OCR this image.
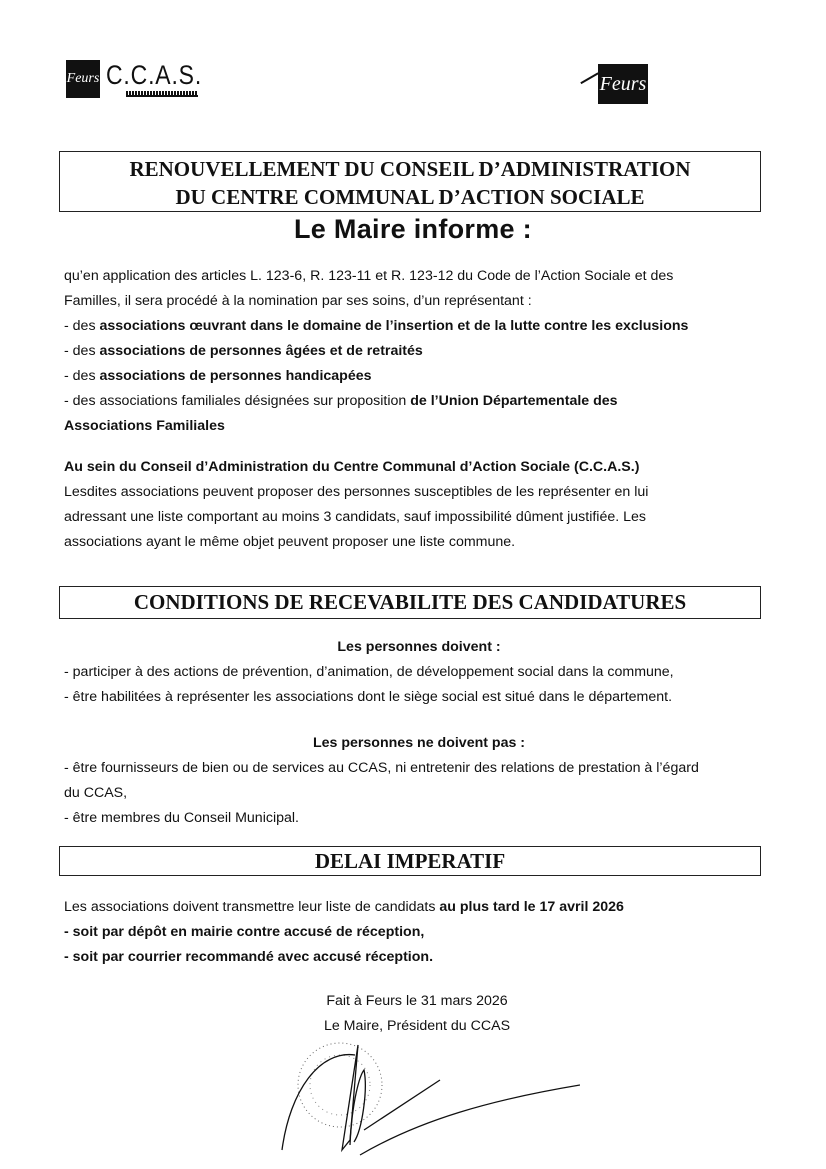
Feurs C.C.A.S.	Feurs
RENOUVELLEMENT DU CONSEIL D’ADMINISTRATION
DU CENTRE COMMUNAL D’ACTION SOCIALE
Le Maire informe :
qu’en application des articles L. 123-6, R. 123-11 et R. 123-12 du Code de l’Action Sociale et des
Familles, il sera procédé à la nomination par ses soins, d’un représentant :
- des associations œuvrant dans le domaine de l’insertion et de la lutte contre les exclusions
- des associations de personnes âgées et de retraités
- des associations de personnes handicapées
- des associations familiales désignées sur proposition de l’Union Départementale des
Associations Familiales
Au sein du Conseil d’Administration du Centre Communal d’Action Sociale (C.C.A.S.)
Lesdites associations peuvent proposer des personnes susceptibles de les représenter en lui
adressant une liste comportant au moins 3 candidats, sauf impossibilité dûment justifiée. Les
associations ayant le même objet peuvent proposer une liste commune.
CONDITIONS DE RECEVABILITE DES CANDIDATURES
Les personnes doivent :
- participer à des actions de prévention, d’animation, de développement social dans la commune,
- être habilitées à représenter les associations dont le siège social est situé dans le département.
Les personnes ne doivent pas :
- être fournisseurs de bien ou de services au CCAS, ni entretenir des relations de prestation à l’égard
du CCAS,
- être membres du Conseil Municipal.
DELAI IMPERATIF
Les associations doivent transmettre leur liste de candidats au plus tard le 17 avril 2026
- soit par dépôt en mairie contre accusé de réception,
- soit par courrier recommandé avec accusé réception.
Fait à Feurs le 31 mars 2026
Le Maire, Président du CCAS
